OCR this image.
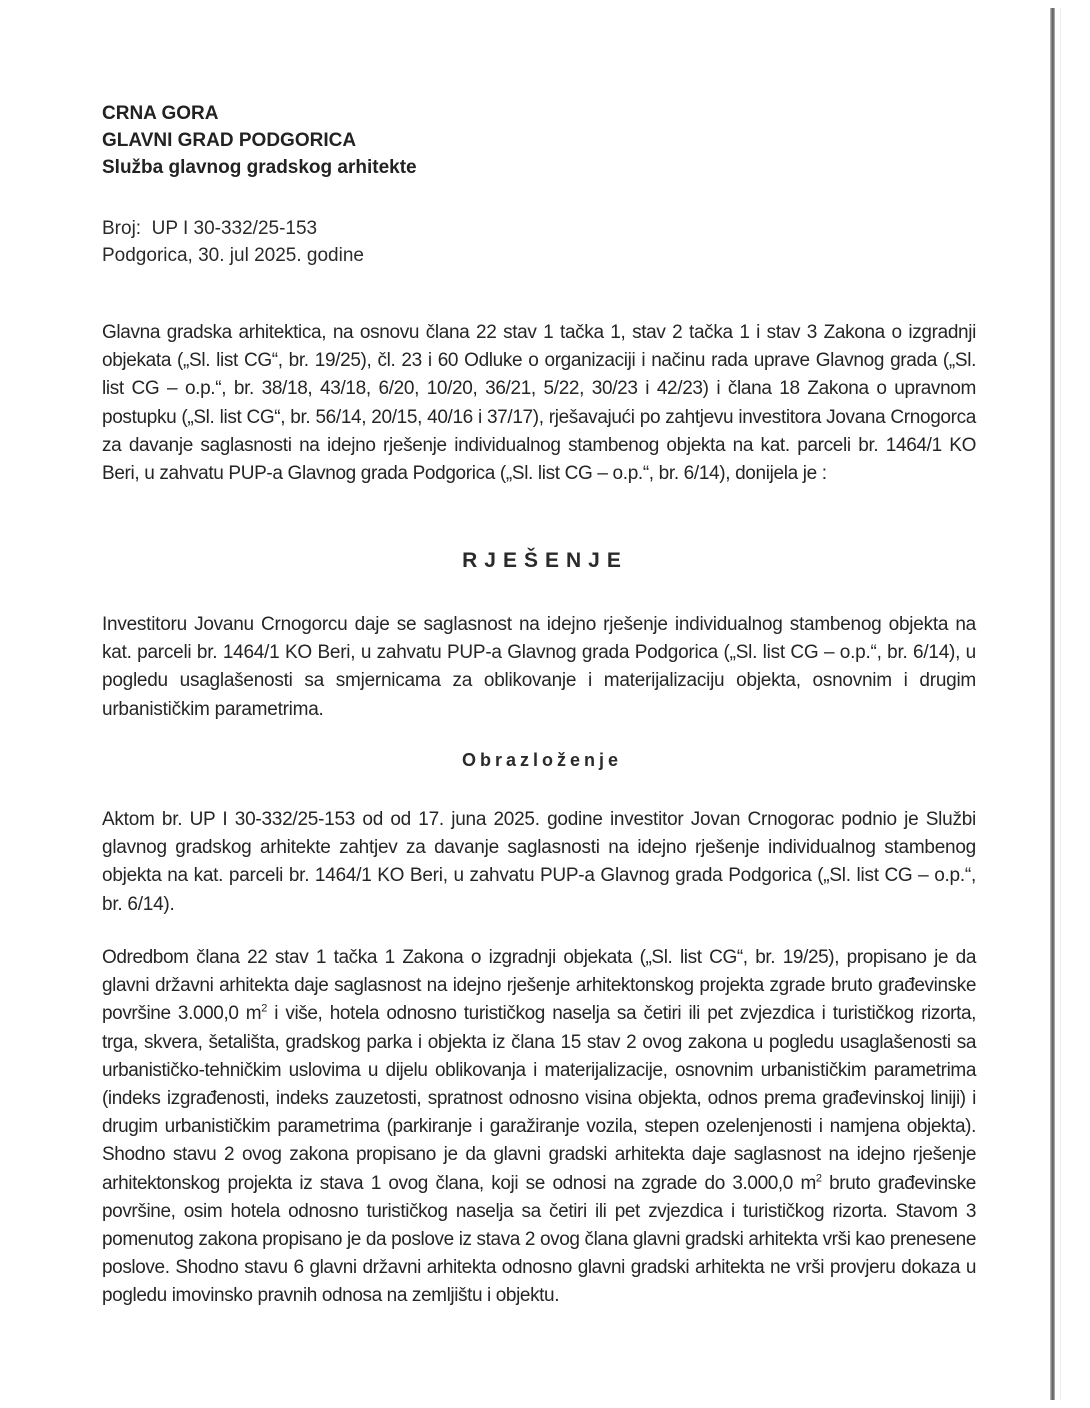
CRNA GORA
GLAVNI GRAD PODGORICA
Služba glavnog gradskog arhitekte
Broj:  UP I 30-332/25-153
Podgorica, 30. jul 2025. godine

Glavna gradska arhitektica, na osnovu člana 22 stav 1 tačka 1, stav 2 tačka 1 i stav 3 Zakona o izgradnji objekata („Sl. list CG“, br. 19/25), čl. 23 i 60 Odluke o organizaciji i načinu rada uprave Glavnog grada („Sl. list CG – o.p.“, br. 38/18, 43/18, 6/20, 10/20, 36/21, 5/22, 30/23 i 42/23) i člana 18 Zakona o upravnom postupku („Sl. list CG“, br. 56/14, 20/15, 40/16 i 37/17), rješavajući po zahtjevu investitora Jovana Crnogorca za davanje saglasnosti na idejno rješenje individualnog stambenog objekta na kat. parceli br. 1464/1 KO Beri, u zahvatu PUP-a Glavnog grada Podgorica („Sl. list CG – o.p.“, br. 6/14), donijela je :

RJEŠENJE

Investitoru Jovanu Crnogorcu daje se saglasnost na idejno rješenje individualnog stambenog objekta na kat. parceli br. 1464/1 KO Beri, u zahvatu PUP-a Glavnog grada Podgorica („Sl. list CG – o.p.“, br. 6/14), u pogledu usaglašenosti sa smjernicama za oblikovanje i materijalizaciju objekta, osnovnim i drugim urbanističkim parametrima.

Obrazloženje

Aktom br. UP I 30-332/25-153 od od 17. juna 2025. godine investitor Jovan Crnogorac podnio je Službi glavnog gradskog arhitekte zahtjev za davanje saglasnosti na idejno rješenje individualnog stambenog objekta na kat. parceli br. 1464/1 KO Beri, u zahvatu PUP-a Glavnog grada Podgorica („Sl. list CG – o.p.“, br. 6/14).

Odredbom člana 22 stav 1 tačka 1 Zakona o izgradnji objekata („Sl. list CG“, br. 19/25), propisano je da glavni državni arhitekta daje saglasnost na idejno rješenje arhitektonskog projekta zgrade bruto građevinske površine 3.000,0 $m^2$ i više, hotela odnosno turističkog naselja sa četiri ili pet zvjezdica i turističkog rizorta, trga, skvera, šetališta, gradskog parka i objekta iz člana 15 stav 2 ovog zakona u pogledu usaglašenosti sa urbanističko-tehničkim uslovima u dijelu oblikovanja i materijalizacije, osnovnim urbanističkim parametrima (indeks izgrađenosti, indeks zauzetosti, spratnost odnosno visina objekta, odnos prema građevinskoj liniji) i drugim urbanističkim parametrima (parkiranje i garažiranje vozila, stepen ozelenjenosti i namjena objekta). Shodno stavu 2 ovog zakona propisano je da glavni gradski arhitekta daje saglasnost na idejno rješenje arhitektonskog projekta iz stava 1 ovog člana, koji se odnosi na zgrade do 3.000,0 $m^2$ bruto građevinske površine, osim hotela odnosno turističkog naselja sa četiri ili pet zvjezdica i turističkog rizorta. Stavom 3 pomenutog zakona propisano je da poslove iz stava 2 ovog člana glavni gradski arhitekta vrši kao prenesene poslove. Shodno stavu 6 glavni državni arhitekta odnosno glavni gradski arhitekta ne vrši provjeru dokaza u pogledu imovinsko pravnih odnosa na zemljištu i objektu.
